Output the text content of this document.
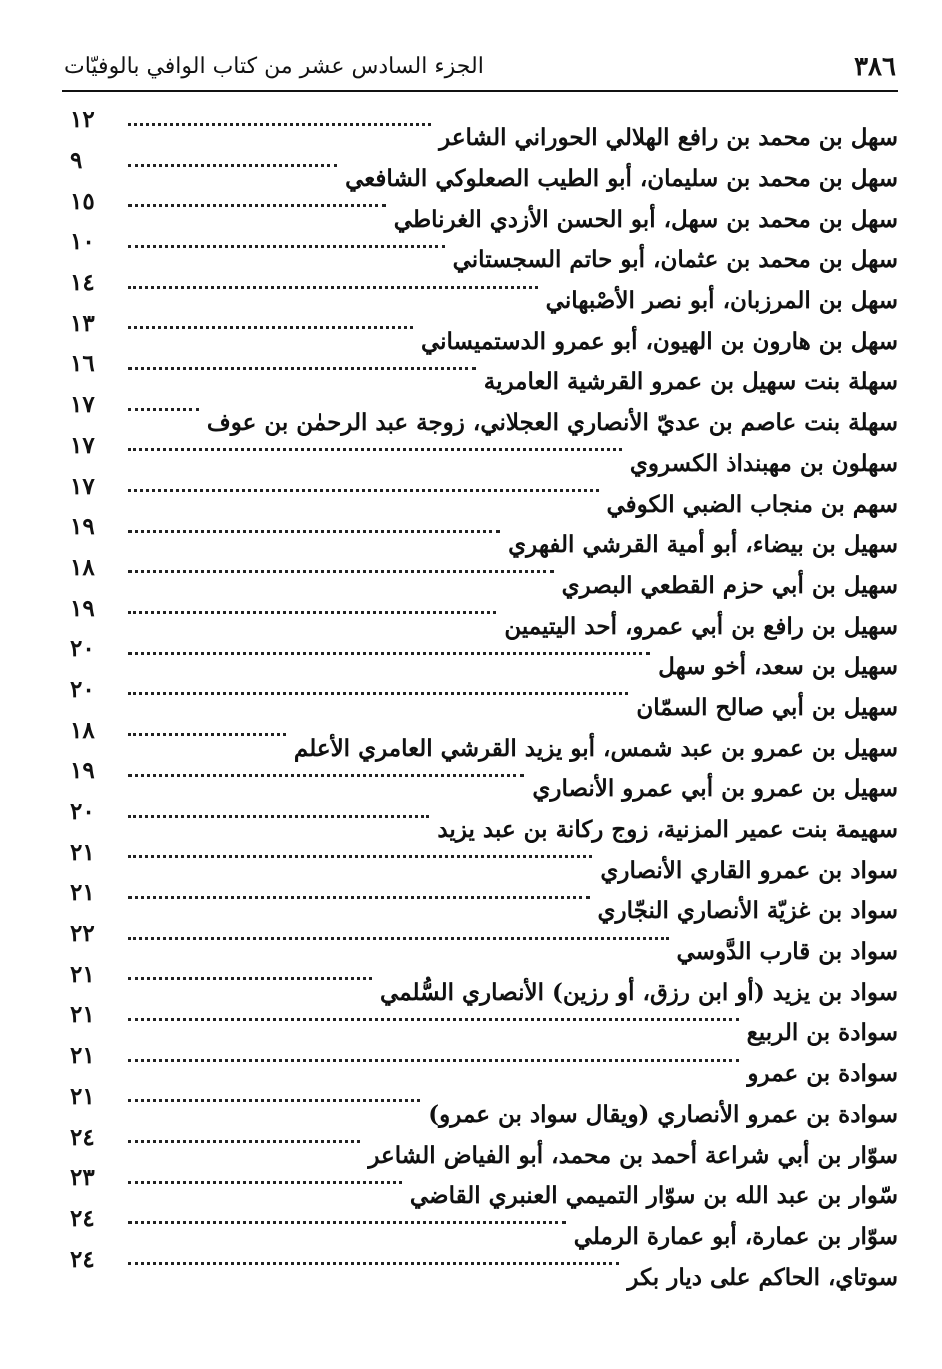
٣٨٦
الجزء السادس عشر من كتاب الوافي بالوفيّات
سهل بن محمد بن رافع الهلالي الحوراني الشاعر
١٢
سهل بن محمد بن سليمان، أبو الطيب الصعلوكي الشافعي
٩
سهل بن محمد بن سهل، أبو الحسن الأزدي الغرناطي
١٥
سهل بن محمد بن عثمان، أبو حاتم السجستاني
١٠
سهل بن المرزبان، أبو نصر الأصْبهاني
١٤
سهل بن هارون بن الهيون، أبو عمرو الدستميساني
١٣
سهلة بنت سهيل بن عمرو القرشية العامرية
١٦
سهلة بنت عاصم بن عديّ الأنصاري العجلاني، زوجة عبد الرحمٰن بن عوف
١٧
سهلون بن مهبنداذ الكسروي
١٧
سهم بن منجاب الضبي الكوفي
١٧
سهيل بن بيضاء، أبو أمية القرشي الفهري
١٩
سهيل بن أبي حزم القطعي البصري
١٨
سهيل بن رافع بن أبي عمرو، أحد اليتيمين
١٩
سهيل بن سعد، أخو سهل
٢٠
سهيل بن أبي صالح السمّان
٢٠
سهيل بن عمرو بن عبد شمس، أبو يزيد القرشي العامري الأعلم
١٨
سهيل بن عمرو بن أبي عمرو الأنصاري
١٩
سهيمة بنت عمير المزنية، زوج ركانة بن عبد يزيد
٢٠
سواد بن عمرو القاري الأنصاري
٢١
سواد بن غزيّة الأنصاري النجّاري
٢١
سواد بن قارب الدَّوسي
٢٢
سواد بن يزيد (أو ابن رزق، أو رزين) الأنصاري السُّلمي
٢١
سوادة بن الربيع
٢١
سوادة بن عمرو
٢١
سوادة بن عمرو الأنصاري (ويقال سواد بن عمرو)
٢١
سوّار بن أبي شراعة أحمد بن محمد، أبو الفياض الشاعر
٢٤
سّوار بن عبد الله بن سوّار التميمي العنبري القاضي
٢٣
سوّار بن عمارة، أبو عمارة الرملي
٢٤
سوتاي، الحاكم على ديار بكر
٢٤
